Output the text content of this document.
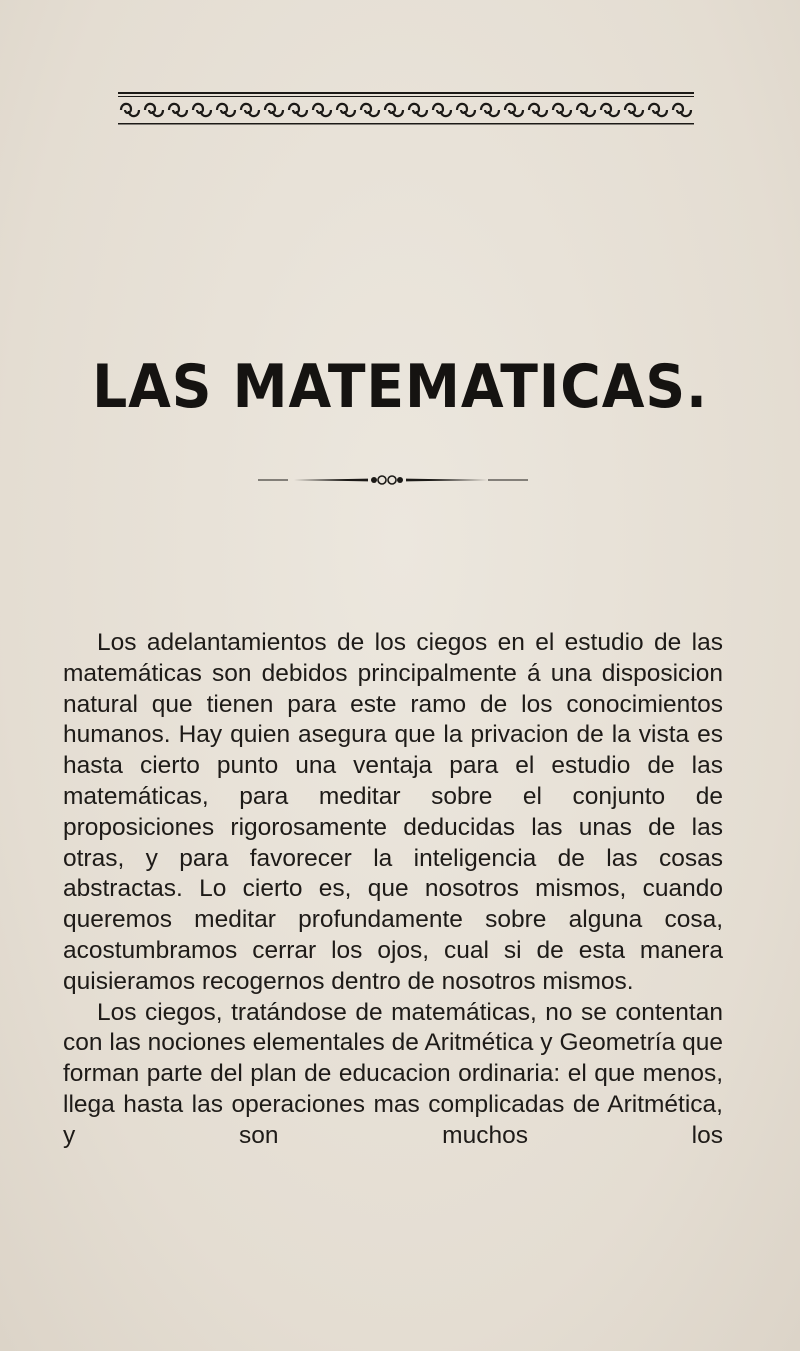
LAS MATEMATICAS.

Los adelantamientos de los ciegos en el estudio de las matemáticas son debidos principalmente á una disposicion natural que tienen para este ramo de los conocimientos humanos. Hay quien asegura que la privacion de la vista es hasta cierto punto una ventaja para el estudio de las matemáticas, para meditar sobre el conjunto de proposiciones rigorosamente deducidas las unas de las otras, y para favorecer la inteligencia de las cosas abstractas. Lo cierto es, que nosotros mismos, cuando queremos meditar profundamente sobre alguna cosa, acostumbramos cerrar los ojos, cual si de esta manera quisieramos recogernos dentro de nosotros mismos.

Los ciegos, tratándose de matemáticas, no se contentan con las nociones elementales de Aritmética y Geometría que forman parte del plan de educacion ordinaria: el que menos, llega hasta las operaciones mas complicadas de Aritmética, y son muchos los
